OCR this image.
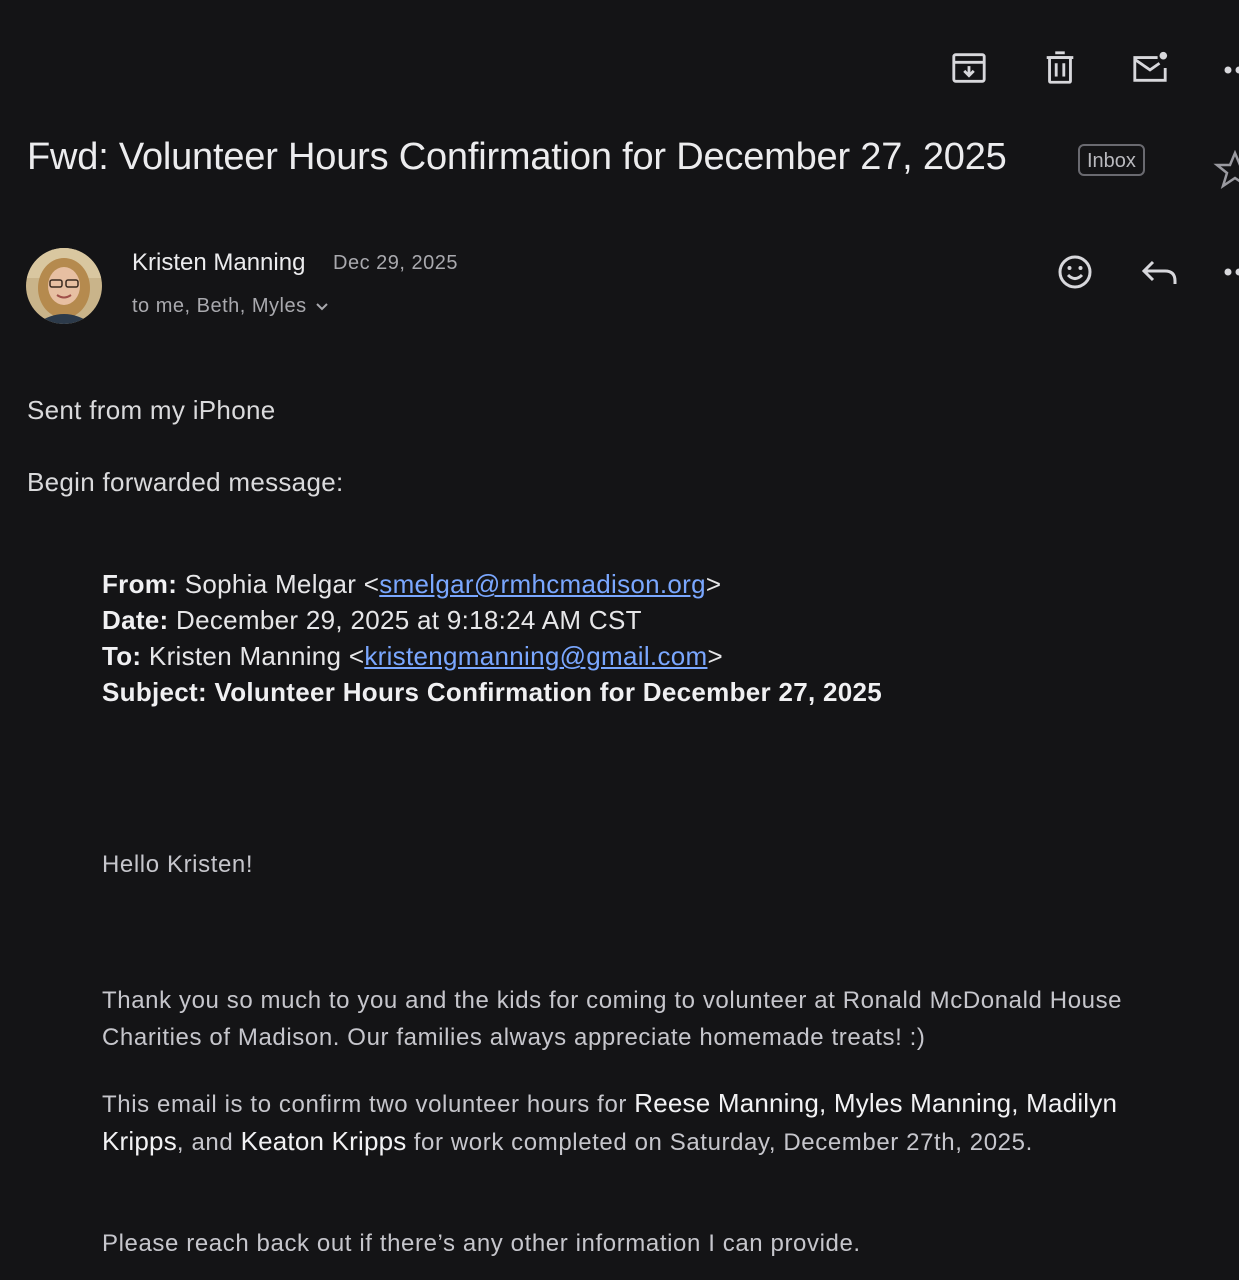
Fwd: Volunteer Hours Confirmation for December 27, 2025	Inbox
Kristen Manning Dec 29, 2025
to me, Beth, Myles
Sent from my iPhone
Begin forwarded message:
From: Sophia Melgar <smelgar@rmhcmadison.org>
Date: December 29, 2025 at 9:18:24 AM CST
To: Kristen Manning <kristengmanning@gmail.com>
Subject: Volunteer Hours Confirmation for December 27, 2025
Hello Kristen!
Thank you so much to you and the kids for coming to volunteer at Ronald McDonald House Charities of Madison. Our families always appreciate homemade treats! :)
This email is to confirm two volunteer hours for Reese Manning, Myles Manning, Madilyn Kripps, and Keaton Kripps for work completed on Saturday, December 27th, 2025.
Please reach back out if there’s any other information I can provide.
